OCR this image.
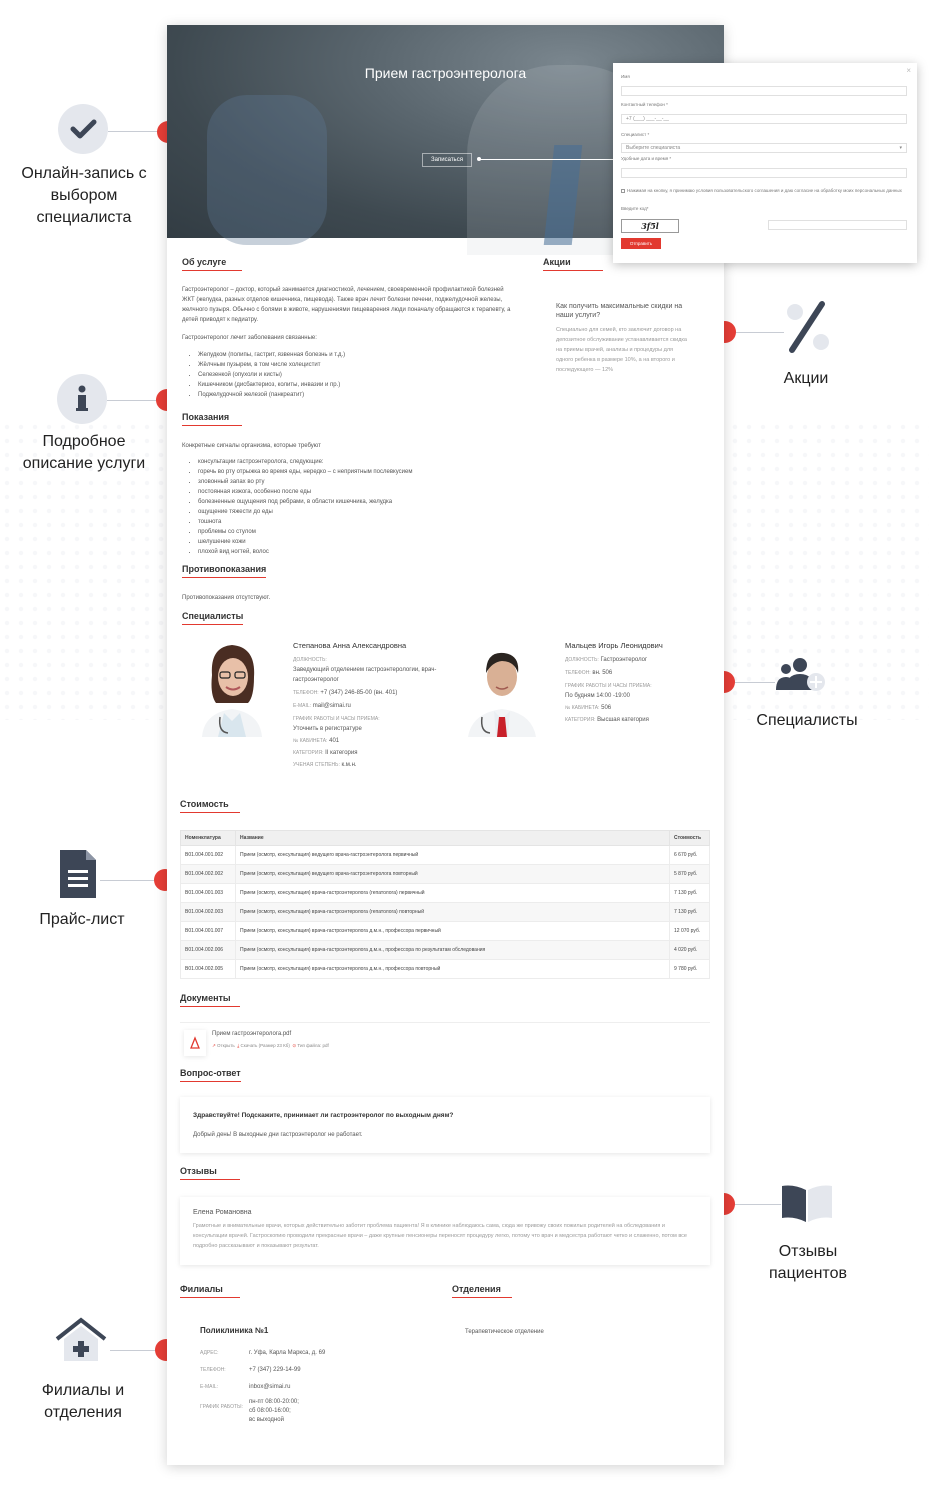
Онлайн-запись с выбором специалиста
Подробное описание услуги
Прайс-лист
Филиалы и отделения
Акции
Специалисты
Отзывы пациентов
Прием гастроэнтеролога
Записаться
Об услуге

Гастроэнтеролог – доктор, который занимается диагностикой, лечением, своевременной профилактикой болезней ЖКТ (желудка, разных отделов кишечника, пищевода). Также врач лечит болезни печени, поджелудочной железы, желчного пузыря. Обычно с болями в животе, нарушениями пищеварения люди поначалу обращаются к терапевту, а детей приводят к педиатру.

Гастроэнтеролог лечит заболевания связанные:

• Желудком (полипы, гастрит, язвенная болезнь и т.д.)
• Жёлчным пузырем, в том числе холецистит
• Селезенкой (опухоли и кисты)
• Кишечником (дисбактериоз, колиты, инвазии и пр.)
• Поджелудочной железой (панкреатит)
Акции
Как получить максимальные скидки на наши услуги?
Специально для семей, кто заключит договор на депозитное обслуживание устанавливается скидка на приемы врачей, анализы и процедуры для одного ребенка в размере 10%, а на второго и последующего — 12%
Показания
Конкретные сигналы организма, которые требуют
• консультации гастроэнтеролога, следующие:
• горечь во рту отрыжка во время еды, нередко – с неприятным послевкусием
• зловонный запах во рту
• постоянная изжога, особенно после еды
• болезненные ощущения под ребрами, в области кишечника, желудка
• ощущение тяжести до еды
• тошнота
• проблемы со стулом
• шелушение кожи
• плохой вид ногтей, волос
Противопоказания
Противопоказания отсутствуют.
Специалисты
Степанова Анна Александровна
ДОЛЖНОСТЬ:
Заведующий отделением гастроэнтерологии, врач-гастроэнтеролог
ТЕЛЕФОН: +7 (347) 246-85-00 (вн. 401)
E-MAIL: mail@simai.ru
ГРАФИК РАБОТЫ И ЧАСЫ ПРИЕМА:
Уточнить в регистратуре
№ КАБИНЕТА: 401
КАТЕГОРИЯ: II категория
УЧЕНАЯ СТЕПЕНЬ: к.м.н.
Мальцев Игорь Леонидович
ДОЛЖНОСТЬ: Гастроэнтеролог
ТЕЛЕФОН: вн. 506
ГРАФИК РАБОТЫ И ЧАСЫ ПРИЕМА:
По будням 14:00 -19:00
№ КАБИНЕТА: 506
КАТЕГОРИЯ: Высшая категория
Стоимость
Номенклатура	Название	Стоимость
B01.004.001.002	Прием (осмотр, консультация) ведущего врача-гастроэнтеролога первичный	6 670 руб.
B01.004.002.002	Прием (осмотр, консультация) ведущего врача-гастроэнтеролога повторный	5 870 руб.
B01.004.001.003	Прием (осмотр, консультация) врача-гастроэнтеролога (гепатолога) первичный	7 130 руб.
B01.004.002.003	Прием (осмотр, консультация) врача-гастроэнтеролога (гепатолога) повторный	7 130 руб.
B01.004.001.007	Прием (осмотр, консультация) врача-гастроэнтеролога д.м.н., профессора первичный	12 070 руб.
B01.004.002.006	Прием (осмотр, консультация) врача-гастроэнтеролога д.м.н., профессора по результатам обследования	4 020 руб.
B01.004.002.005	Прием (осмотр, консультация) врача-гастроэнтеролога д.м.н., профессора повторный	9 780 руб.
Документы
Прием гастроэнтеролога.pdf
↗ Открыть ⤓ Скачать (Размер 23 Кб) ⊙ Тип файла: pdf
Вопрос-ответ
Здравствуйте! Подскажите, принимает ли гастроэнтеролог по выходным дням?
Добрый день! В выходные дни гастроэнтеролог не работает.
Отзывы
Елена Романовна
Грамотные и внимательные врачи, которых действительно заботит проблема пациента! Я в клинике наблюдаюсь сама, сюда же привожу своих пожилых родителей на обследования и консультации врачей. Гастроскопию проводили прекрасные врачи – даже крупные пенсионеры переносят процедуру легко, потому что врач и медсестра работают четко и слаженно, потом все подробно рассказывают и показывают результат.
Филиалы
Поликлиника №1
АДРЕС:	г. Уфа, Карла Маркса, д. 69
ТЕЛЕФОН:	+7 (347) 229-14-99
E-MAIL:	inbox@simai.ru
ГРАФИК РАБОТЫ:
пн-пт 08:00-20:00;
сб 08:00-16:00;
вс выходной
Отделения
Терапевтическое отделение
×
Имя
Контактный телефон *
+7 (___) ___-__-__
Специалист *
Выберите специалиста	▾
Удобные дата и время *
Нажимая на кнопку, я принимаю условия пользовательского соглашения и даю согласие на обработку моих персональных данных
Введите код*
3f5l
Отправить
